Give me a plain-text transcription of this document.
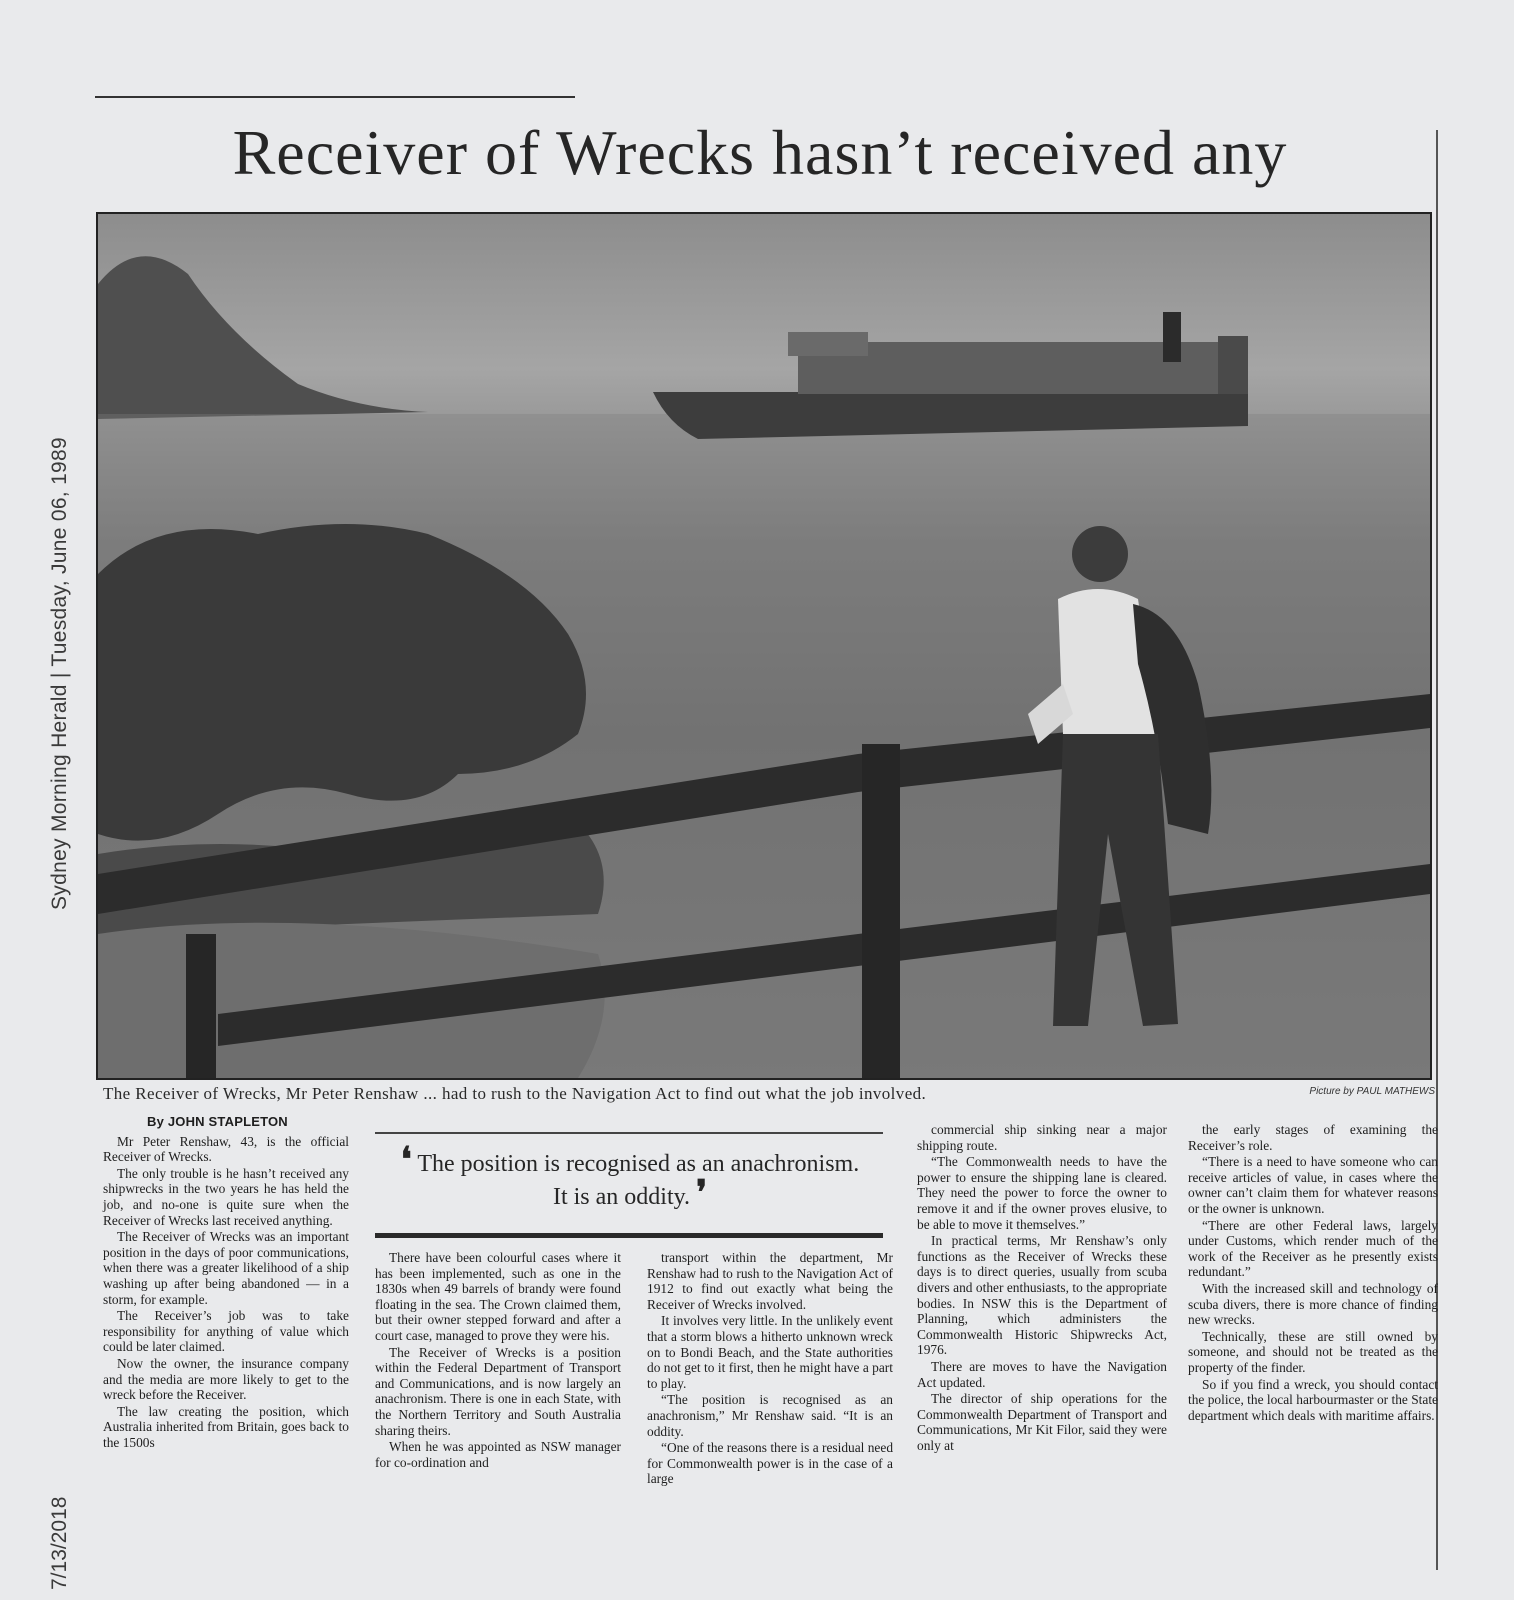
Sydney Morning Herald | Tuesday, June 06, 1989
7/13/2018
Receiver of Wrecks hasn’t received any
The Receiver of Wrecks, Mr Peter Renshaw ... had to rush to the Navigation Act to find out what the job involved.	Picture by PAUL MATHEWS

By JOHN STAPLETON

Mr Peter Renshaw, 43, is the official Receiver of Wrecks.

The only trouble is he hasn’t received any shipwrecks in the two years he has held the job, and no-one is quite sure when the Receiver of Wrecks last received anything.

The Receiver of Wrecks was an important position in the days of poor communications, when there was a greater likelihood of a ship washing up after being abandoned — in a storm, for example.

The Receiver’s job was to take responsibility for anything of value which could be later claimed.

Now the owner, the insurance company and the media are more likely to get to the wreck before the Receiver.

The law creating the position, which Australia inherited from Britain, goes back to the 1500s

❛ The position is recognised as an anachronism. It is an oddity. ❜

There have been colourful cases where it has been implemented, such as one in the 1830s when 49 barrels of brandy were found floating in the sea. The Crown claimed them, but their owner stepped forward and after a court case, managed to prove they were his.

The Receiver of Wrecks is a position within the Federal Department of Transport and Communications, and is now largely an anachronism. There is one in each State, with the Northern Territory and South Australia sharing theirs.

When he was appointed as NSW manager for co-ordination and

transport within the department, Mr Renshaw had to rush to the Navigation Act of 1912 to find out exactly what being the Receiver of Wrecks involved.

It involves very little. In the unlikely event that a storm blows a hitherto unknown wreck on to Bondi Beach, and the State authorities do not get to it first, then he might have a part to play.

“The position is recognised as an anachronism,” Mr Renshaw said. “It is an oddity.

“One of the reasons there is a residual need for Commonwealth power is in the case of a large

commercial ship sinking near a major shipping route.

“The Commonwealth needs to have the power to ensure the shipping lane is cleared. They need the power to force the owner to remove it and if the owner proves elusive, to be able to move it themselves.”

In practical terms, Mr Renshaw’s only functions as the Receiver of Wrecks these days is to direct queries, usually from scuba divers and other enthusiasts, to the appropriate bodies. In NSW this is the Department of Planning, which administers the Commonwealth Historic Shipwrecks Act, 1976.

There are moves to have the Navigation Act updated.

The director of ship operations for the Commonwealth Department of Transport and Communications, Mr Kit Filor, said they were only at

the early stages of examining the Receiver’s role.

“There is a need to have someone who can receive articles of value, in cases where the owner can’t claim them for whatever reasons or the owner is unknown.

“There are other Federal laws, largely under Customs, which render much of the work of the Receiver as he presently exists redundant.”

With the increased skill and technology of scuba divers, there is more chance of finding new wrecks.

Technically, these are still owned by someone, and should not be treated as the property of the finder.

So if you find a wreck, you should contact the police, the local harbourmaster or the State department which deals with maritime affairs.
